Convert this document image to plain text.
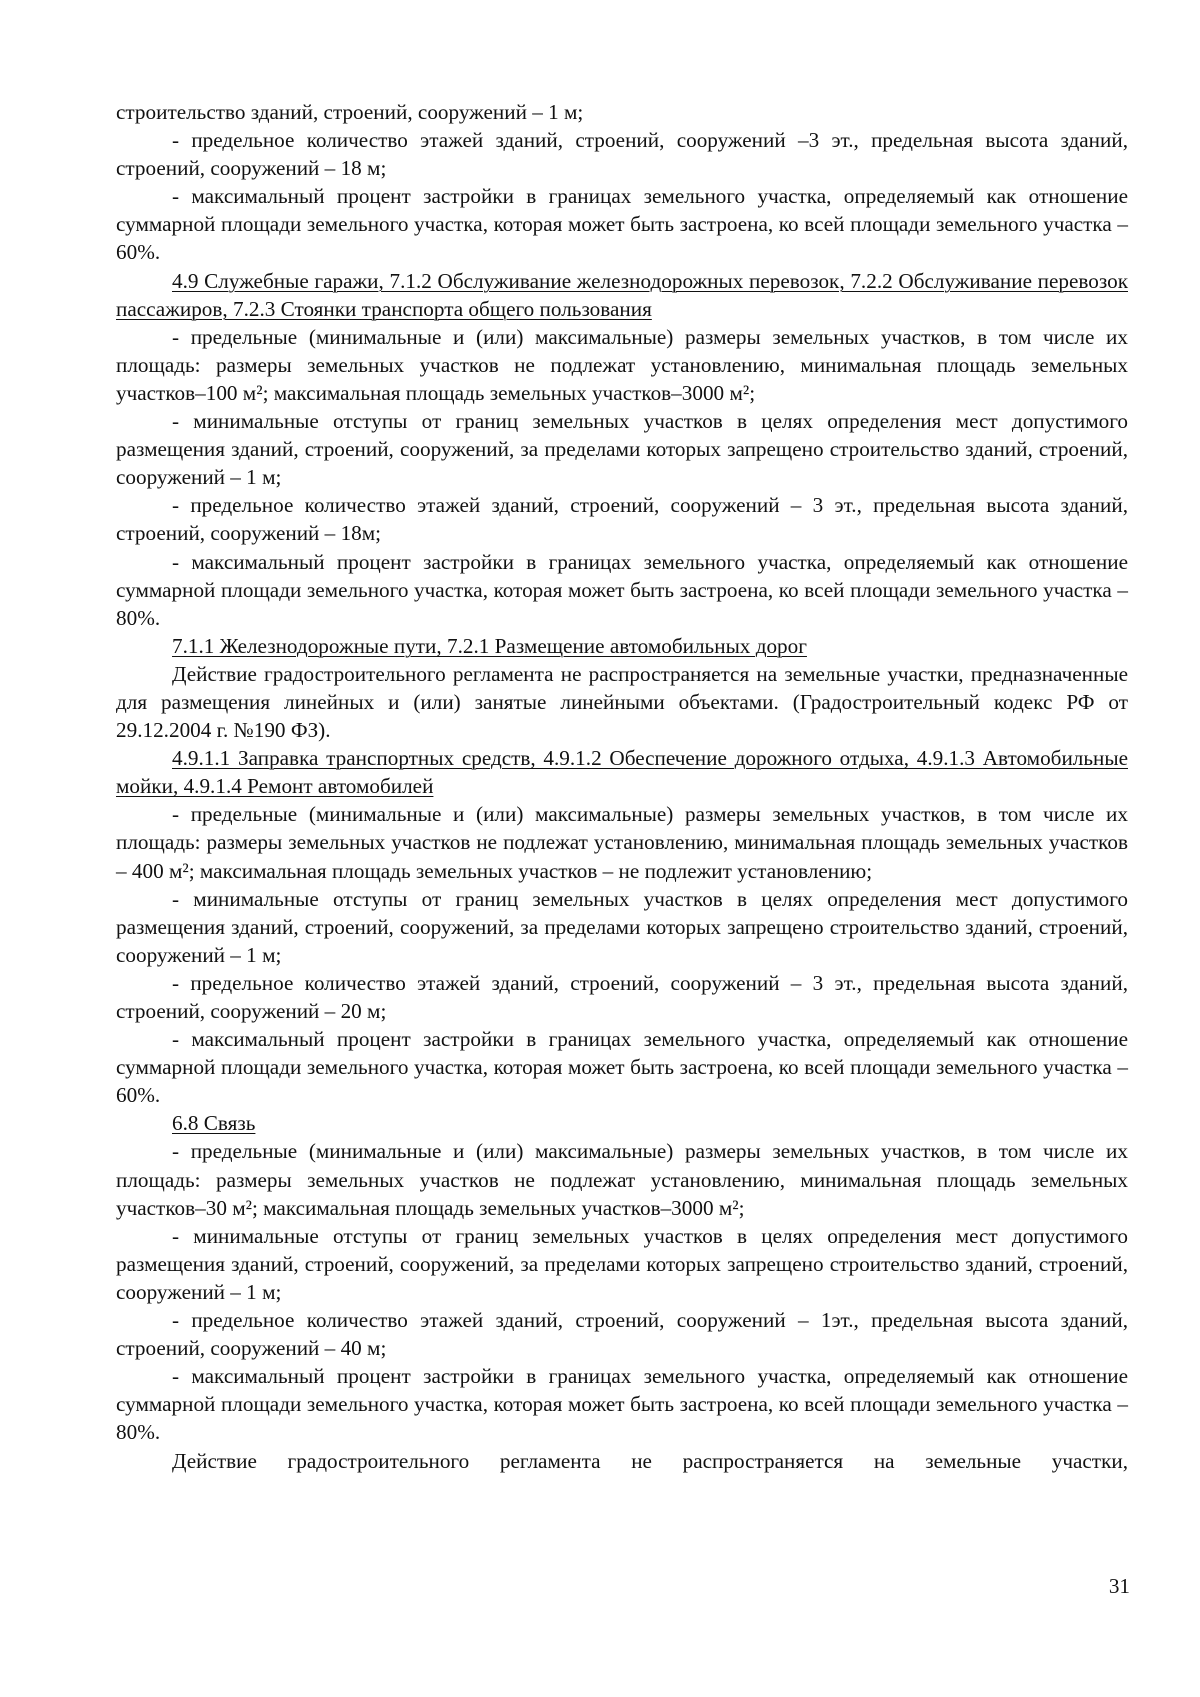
строительство зданий, строений, сооружений – 1 м;

- предельное количество этажей зданий, строений, сооружений –3 эт., предельная высота зданий, строений, сооружений – 18 м;

- максимальный процент застройки в границах земельного участка, определяемый как отношение суммарной площади земельного участка, которая может быть застроена, ко всей площади земельного участка – 60%.

4.9 Служебные гаражи, 7.1.2 Обслуживание железнодорожных перевозок, 7.2.2 Обслуживание перевозок пассажиров, 7.2.3 Стоянки транспорта общего пользования

- предельные (минимальные и (или) максимальные) размеры земельных участков, в том числе их площадь: размеры земельных участков не подлежат установлению, минимальная площадь земельных участков–100 м²; максимальная площадь земельных участков–3000 м²;

- минимальные отступы от границ земельных участков в целях определения мест допустимого размещения зданий, строений, сооружений, за пределами которых запрещено строительство зданий, строений, сооружений – 1 м;

- предельное количество этажей зданий, строений, сооружений – 3 эт., предельная высота зданий, строений, сооружений – 18м;

- максимальный процент застройки в границах земельного участка, определяемый как отношение суммарной площади земельного участка, которая может быть застроена, ко всей площади земельного участка – 80%.

7.1.1 Железнодорожные пути, 7.2.1 Размещение автомобильных дорог

Действие градостроительного регламента не распространяется на земельные участки, предназначенные для размещения линейных и (или) занятые линейными объектами. (Градостроительный кодекс РФ от 29.12.2004 г. №190 ФЗ).

4.9.1.1 Заправка транспортных средств, 4.9.1.2 Обеспечение дорожного отдыха, 4.9.1.3 Автомобильные мойки, 4.9.1.4 Ремонт автомобилей

- предельные (минимальные и (или) максимальные) размеры земельных участков, в том числе их площадь: размеры земельных участков не подлежат установлению, минимальная площадь земельных участков – 400 м²; максимальная площадь земельных участков – не подлежит установлению;

- минимальные отступы от границ земельных участков в целях определения мест допустимого размещения зданий, строений, сооружений, за пределами которых запрещено строительство зданий, строений, сооружений – 1 м;

- предельное количество этажей зданий, строений, сооружений – 3 эт., предельная высота зданий, строений, сооружений – 20 м;

- максимальный процент застройки в границах земельного участка, определяемый как отношение суммарной площади земельного участка, которая может быть застроена, ко всей площади земельного участка – 60%.

6.8 Связь

- предельные (минимальные и (или) максимальные) размеры земельных участков, в том числе их площадь: размеры земельных участков не подлежат установлению, минимальная площадь земельных участков–30 м²; максимальная площадь земельных участков–3000 м²;

- минимальные отступы от границ земельных участков в целях определения мест допустимого размещения зданий, строений, сооружений, за пределами которых запрещено строительство зданий, строений, сооружений – 1 м;

- предельное количество этажей зданий, строений, сооружений – 1эт., предельная высота зданий, строений, сооружений – 40 м;

- максимальный процент застройки в границах земельного участка, определяемый как отношение суммарной площади земельного участка, которая может быть застроена, ко всей площади земельного участка – 80%.

Действие градостроительного регламента не распространяется на земельные участки,

31
